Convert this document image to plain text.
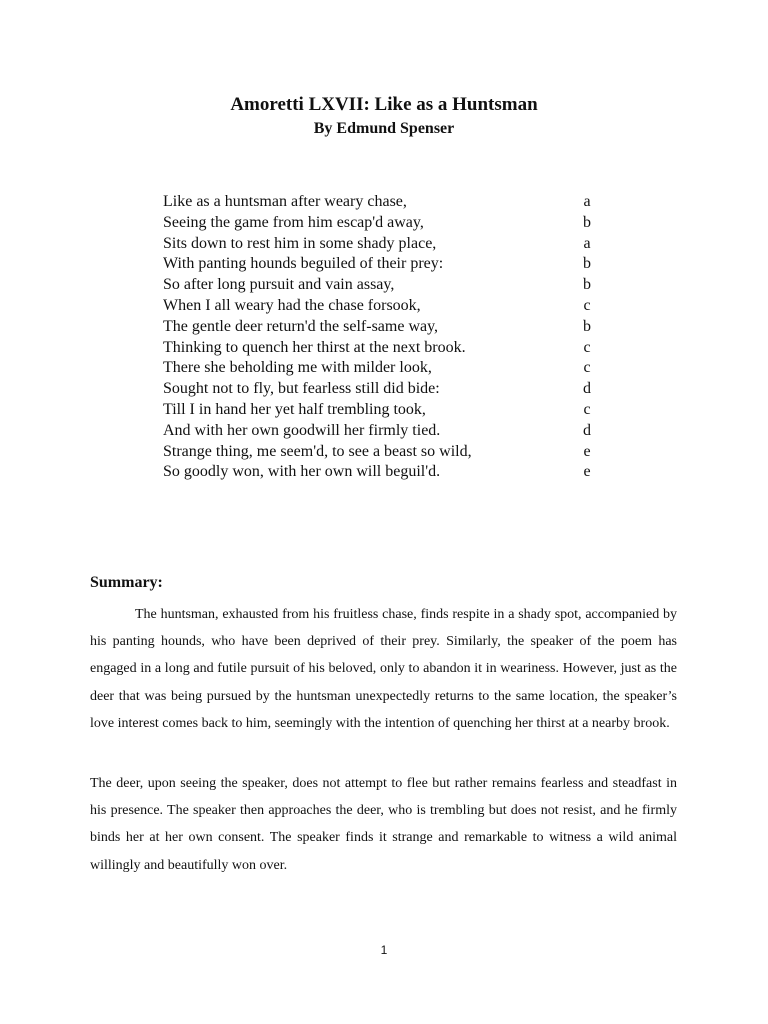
Amoretti LXVII: Like as a Huntsman
By Edmund Spenser
Like as a huntsman after weary chase,	a
Seeing the game from him escap'd away,	b
Sits down to rest him in some shady place,	a
With panting hounds beguiled of their prey:	b
So after long pursuit and vain assay,	b
When I all weary had the chase forsook,	c
The gentle deer return'd the self-same way,	b
Thinking to quench her thirst at the next brook.	c
There she beholding me with milder look,	c
Sought not to fly, but fearless still did bide:	d
Till I in hand her yet half trembling took,	c
And with her own goodwill her firmly tied.	d
Strange thing, me seem'd, to see a beast so wild,	e
So goodly won, with her own will beguil'd.	e
Summary:

The huntsman, exhausted from his fruitless chase, finds respite in a shady spot, accompanied by his panting hounds, who have been deprived of their prey. Similarly, the speaker of the poem has engaged in a long and futile pursuit of his beloved, only to abandon it in weariness. However, just as the deer that was being pursued by the huntsman unexpectedly returns to the same location, the speaker’s love interest comes back to him, seemingly with the intention of quenching her thirst at a nearby brook.

The deer, upon seeing the speaker, does not attempt to flee but rather remains fearless and steadfast in his presence. The speaker then approaches the deer, who is trembling but does not resist, and he firmly binds her at her own consent. The speaker finds it strange and remarkable to witness a wild animal willingly and beautifully won over.

1
